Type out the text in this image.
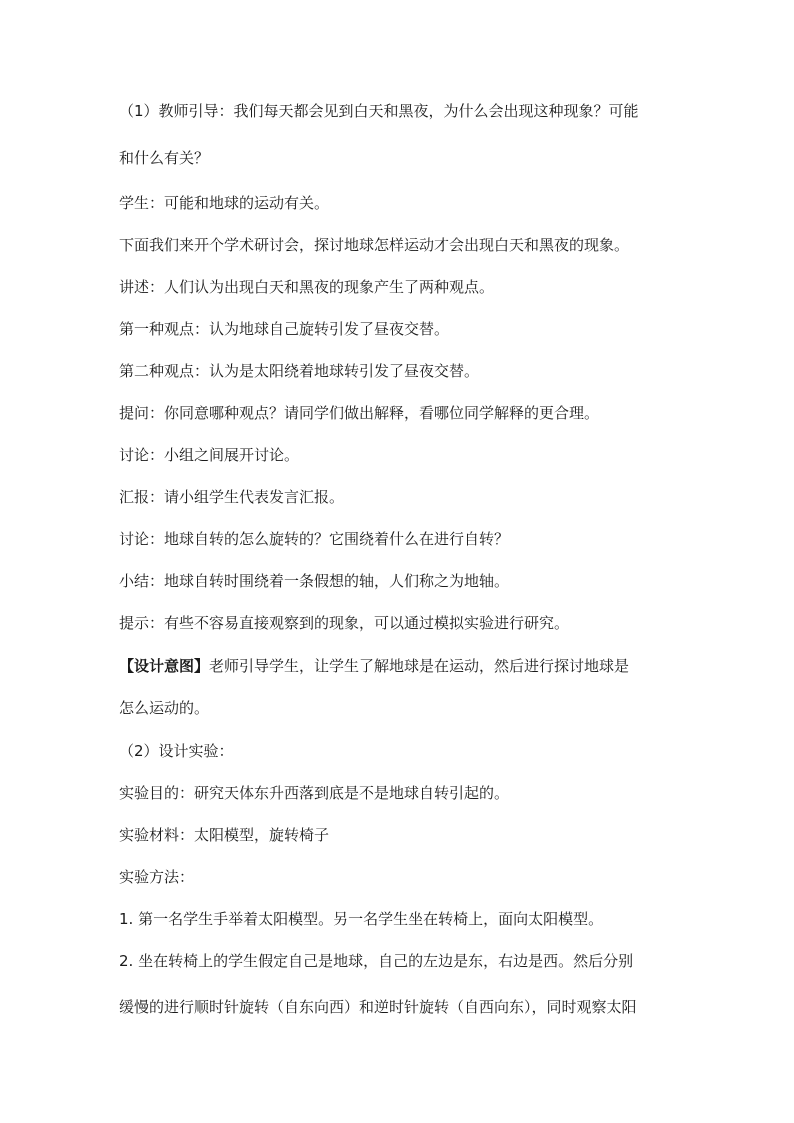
（1）教师引导：我们每天都会见到白天和黑夜，为什么会出现这种现象？可能
和什么有关？
学生：可能和地球的运动有关。
下面我们来开个学术研讨会，探讨地球怎样运动才会出现白天和黑夜的现象。
讲述：人们认为出现白天和黑夜的现象产生了两种观点。
第一种观点：认为地球自己旋转引发了昼夜交替。
第二种观点：认为是太阳绕着地球转引发了昼夜交替。
提问：你同意哪种观点？请同学们做出解释，看哪位同学解释的更合理。
讨论：小组之间展开讨论。
汇报：请小组学生代表发言汇报。
讨论：地球自转的怎么旋转的？它围绕着什么在进行自转？
小结：地球自转时围绕着一条假想的轴，人们称之为地轴。
提示：有些不容易直接观察到的现象，可以通过模拟实验进行研究。
【设计意图】老师引导学生，让学生了解地球是在运动，然后进行探讨地球是
怎么运动的。
（2）设计实验：
实验目的：研究天体东升西落到底是不是地球自转引起的。
实验材料：太阳模型，旋转椅子
实验方法：
1. 第一名学生手举着太阳模型。另一名学生坐在转椅上，面向太阳模型。
2. 坐在转椅上的学生假定自己是地球，自己的左边是东，右边是西。然后分别
缓慢的进行顺时针旋转（自东向西）和逆时针旋转（自西向东），同时观察太阳
